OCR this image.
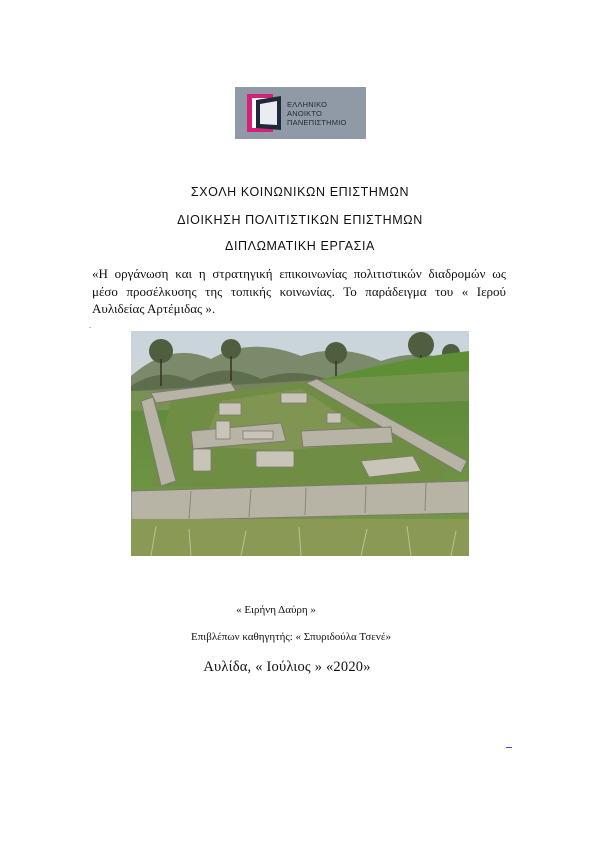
ΕΛΛΗΝΙΚΟ
ΑΝΟΙΚΤΟ
ΠΑΝΕΠΙΣΤΗΜΙΟ
ΣΧΟΛΗ ΚΟΙΝΩΝΙΚΩΝ ΕΠΙΣΤΗΜΩΝ
ΔΙΟΙΚΗΣΗ ΠΟΛΙΤΙΣΤΙΚΩΝ ΕΠΙΣΤΗΜΩΝ
ΔΙΠΛΩΜΑΤΙΚΗ ΕΡΓΑΣΙΑ
«Η οργάνωση και η στρατηγική επικοινωνίας πολιτιστικών διαδρομών ως μέσο προσέλκυσης της τοπικής κοινωνίας. Το παράδειγμα του « Ιερού Αυλιδείας Αρτέμιδας ».
.
« Ειρήνη Δαύρη »
Επιβλέπων καθηγητής: « Σπυριδούλα Τσενέ»
Αυλίδα, « Ιούλιος » «2020»
